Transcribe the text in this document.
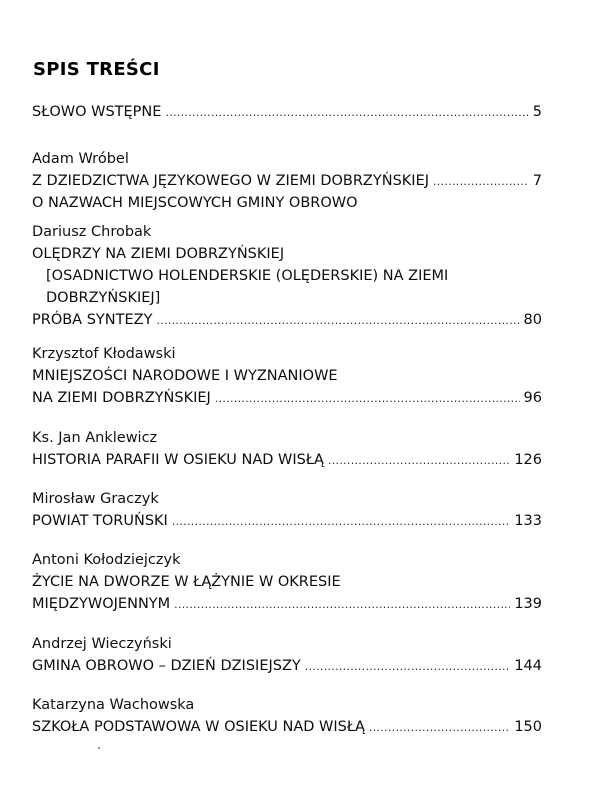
SPIS TREŚCI
SŁOWO WSTĘPNE . . .	5
Adam Wróbel
Z DZIEDZICTWA JĘZYKOWEGO W ZIEMI DOBRZYŃSKIEJ . . .	7
O NAZWACH MIEJSCOWYCH GMINY OBROWO
Dariusz Chrobak
OLĘDRZY NA ZIEMI DOBRZYŃSKIEJ
[OSADNICTWO HOLENDERSKIE (OLĘDERSKIE) NA ZIEMI
DOBRZYŃSKIEJ]
PRÓBA SYNTEZY . . .	80
Krzysztof Kłodawski
MNIEJSZOŚCI NARODOWE I WYZNANIOWE
NA ZIEMI DOBRZYŃSKIEJ . . .	96
Ks. Jan Anklewicz
HISTORIA PARAFII W OSIEKU NAD WISŁĄ . . .	126
Mirosław Graczyk
POWIAT TORUŃSKI . . .	133
Antoni Kołodziejczyk
ŻYCIE NA DWORZE W ŁĄŻYNIE W OKRESIE
MIĘDZYWOJENNYM . . .	139
Andrzej Wieczyński
GMINA OBROWO – DZIEŃ DZISIEJSZY . . .	144
Katarzyna Wachowska
SZKOŁA PODSTAWOWA W OSIEKU NAD WISŁĄ . . .	150
